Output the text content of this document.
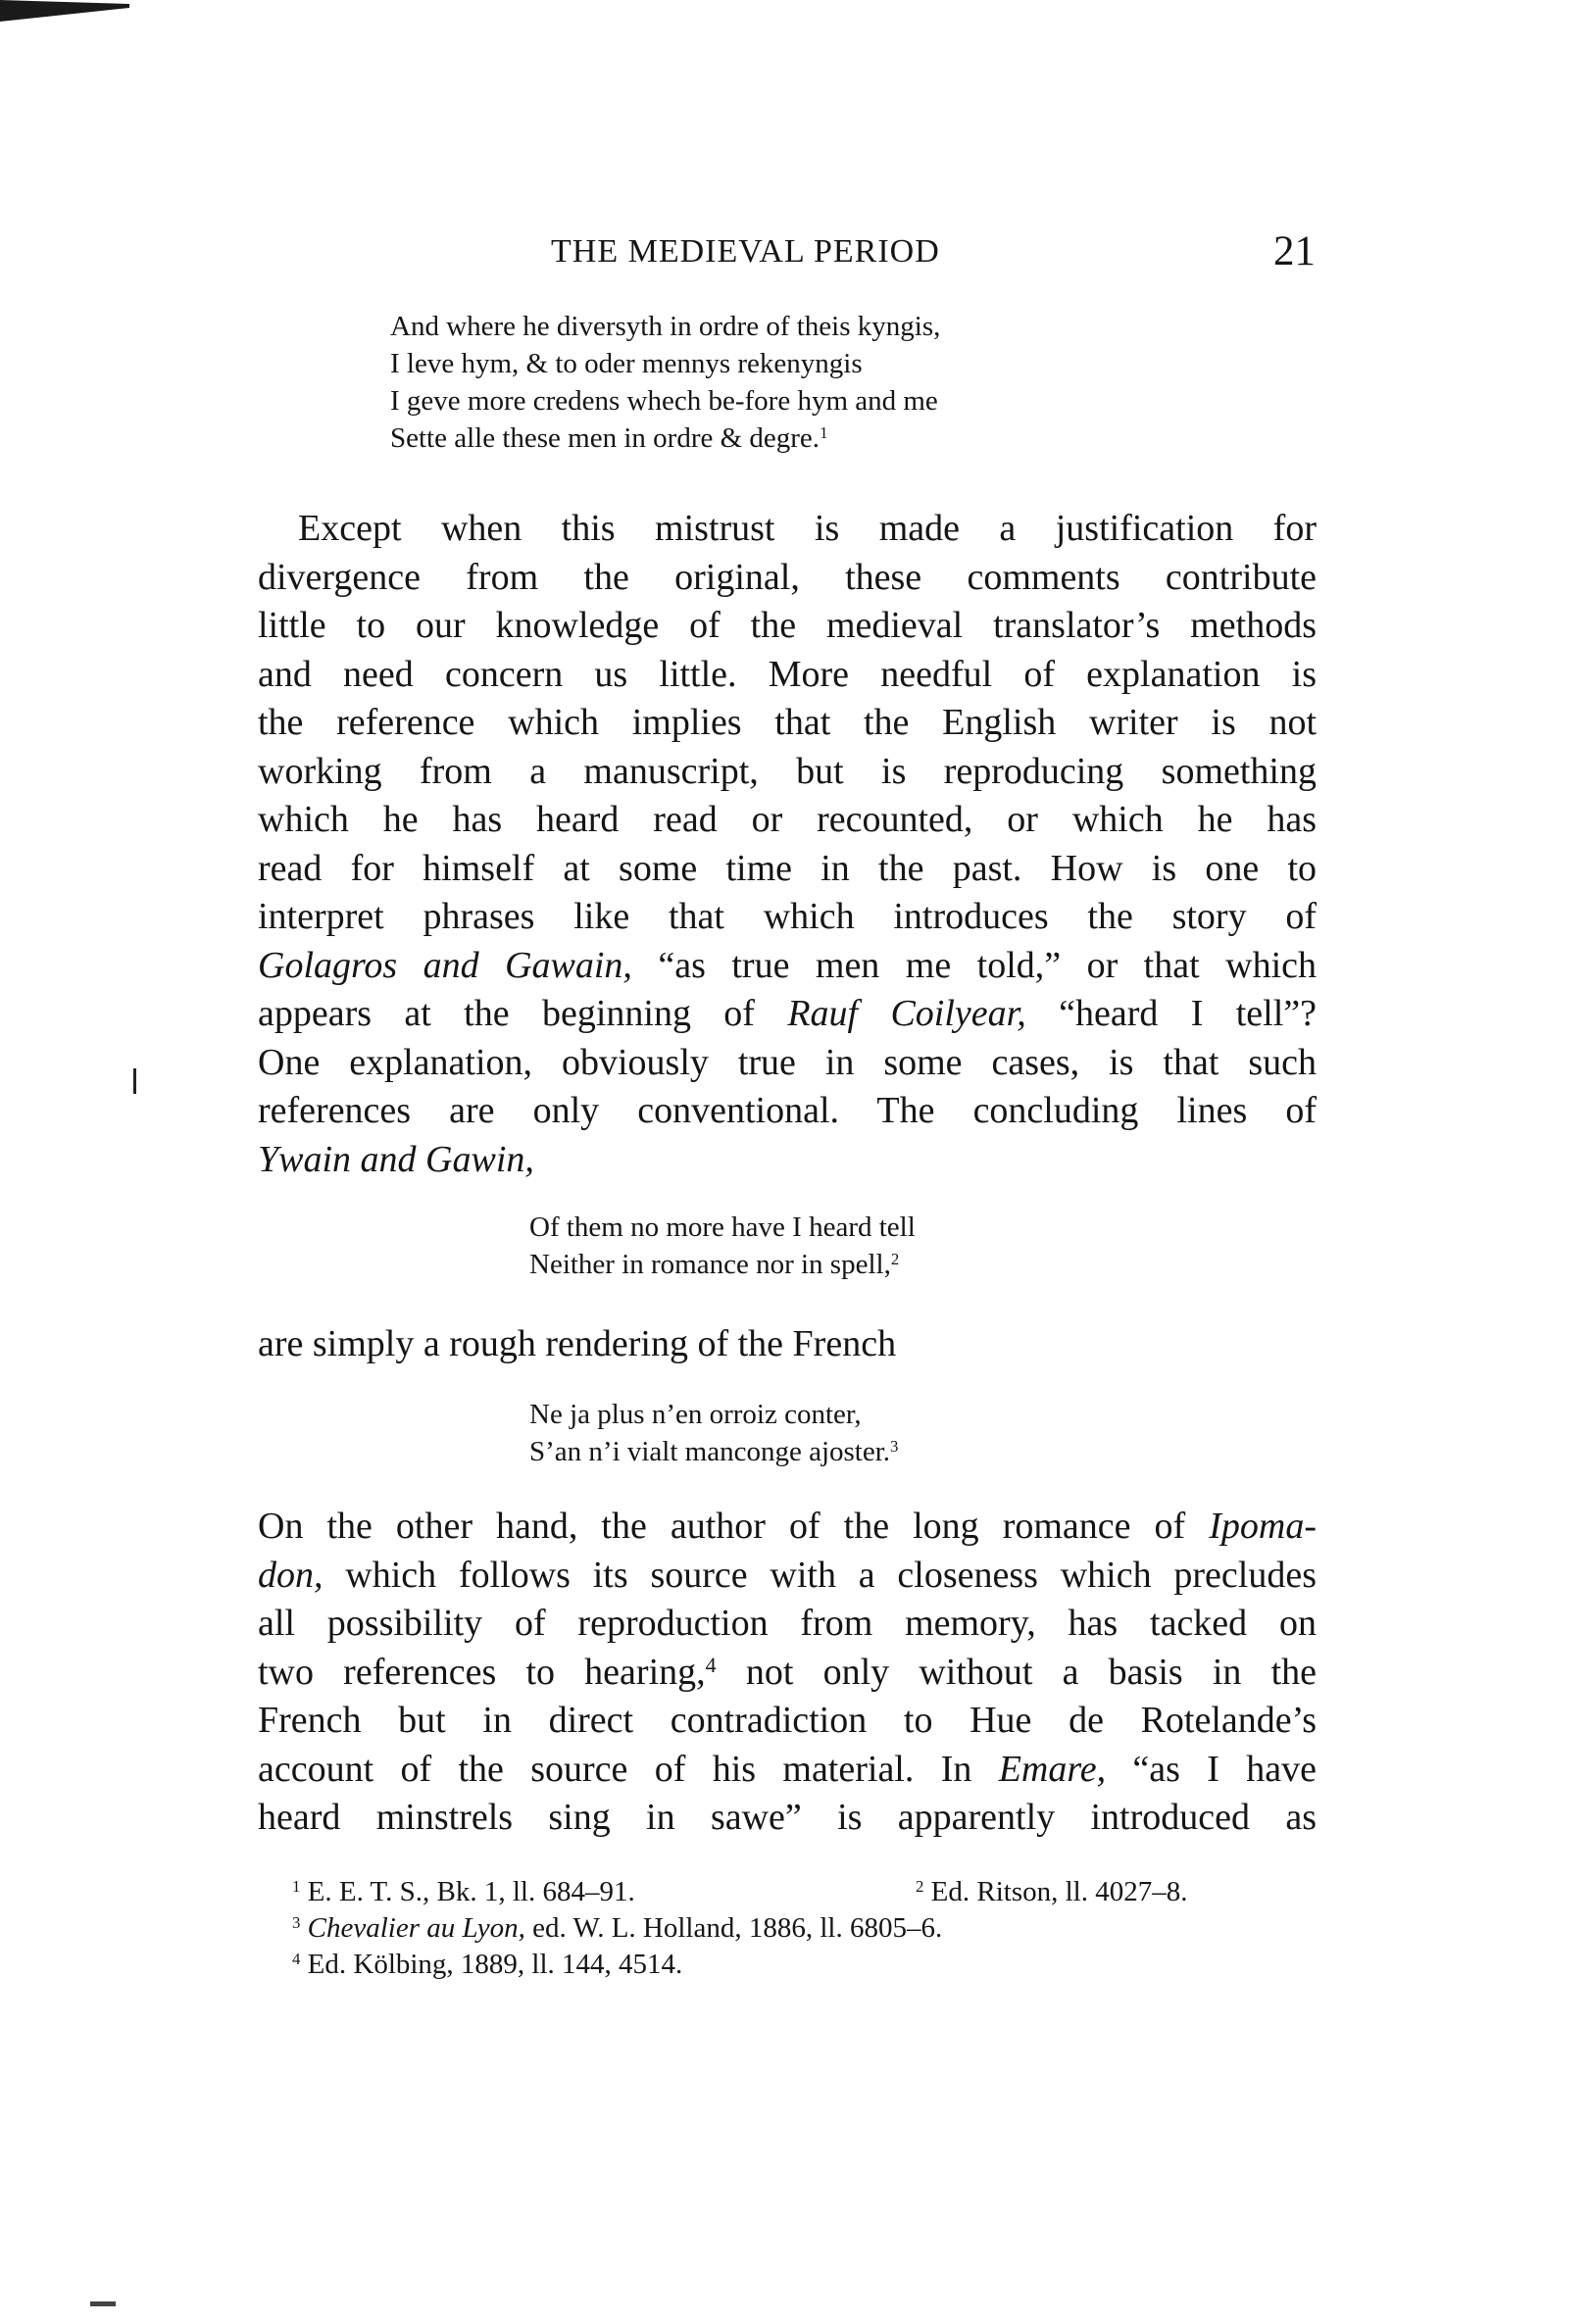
THE MEDIEVAL PERIOD	21
And where he diversyth in ordre of theis kyngis,
I leve hym, & to oder mennys rekenyngis
I geve more credens whech be-fore hym and me
Sette alle these men in ordre & degre.$^1$
Except when this mistrust is made a justification for
divergence from the original, these comments contribute
little to our knowledge of the medieval translator’s methods
and need concern us little. More needful of explanation is
the reference which implies that the English writer is not
working from a manuscript, but is reproducing something
which he has heard read or recounted, or which he has
read for himself at some time in the past. How is one to
interpret phrases like that which introduces the story of
Golagros and Gawain, “as true men me told,” or that which
appears at the beginning of Rauf Coilyear, “heard I tell”?
One explanation, obviously true in some cases, is that such
references are only conventional. The concluding lines of
Ywain and Gawin,
Of them no more have I heard tell
Neither in romance nor in spell,$^2$
are simply a rough rendering of the French
Ne ja plus n’en orroiz conter,
S’an n’i vialt manconge ajoster.$^3$
On the other hand, the author of the long romance of Ipoma-
don, which follows its source with a closeness which precludes
all possibility of reproduction from memory, has tacked on
two references to hearing,$^4$ not only without a basis in the
French but in direct contradiction to Hue de Rotelande’s
account of the source of his material. In Emare, “as I have
heard minstrels sing in sawe” is apparently introduced as
$^1$ E. E. T. S., Bk. 1, ll. 684–91.	$^2$ Ed. Ritson, ll. 4027–8.
$^3$ Chevalier au Lyon, ed. W. L. Holland, 1886, ll. 6805–6.
$^4$ Ed. Kölbing, 1889, ll. 144, 4514.
